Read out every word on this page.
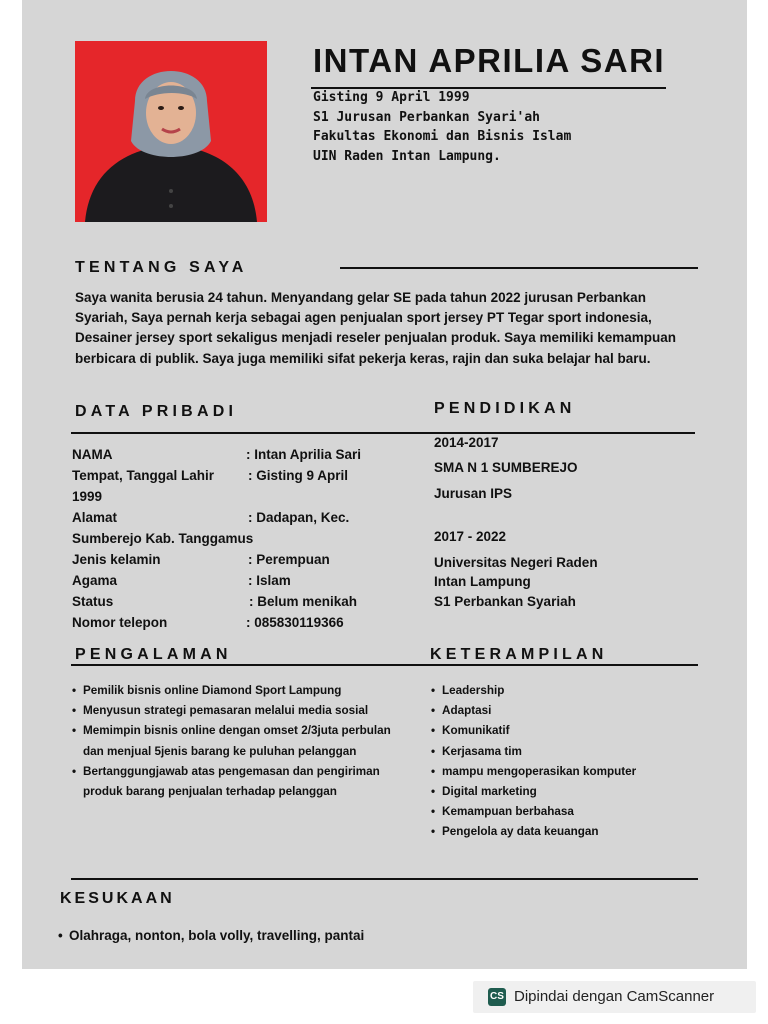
INTAN APRILIA SARI
Gisting 9 April 1999
S1 Jurusan Perbankan Syari'ah
Fakultas Ekonomi dan Bisnis Islam
UIN Raden Intan Lampung.
TENTANG SAYA
Saya wanita berusia 24 tahun. Menyandang gelar SE pada tahun 2022 jurusan Perbankan Syariah, Saya pernah kerja sebagai agen penjualan sport jersey PT Tegar sport indonesia, Desainer jersey sport sekaligus menjadi reseler penjualan produk. Saya memiliki kemampuan berbicara di publik. Saya juga memiliki sifat pekerja keras, rajin dan suka belajar hal baru.
DATA PRIBADI
NAMA	: Intan Aprilia Sari
Tempat, Tanggal Lahir	: Gisting 9 April
1999
Alamat	: Dadapan, Kec.
Sumberejo Kab. Tanggamus
Jenis kelamin	: Perempuan
Agama	: Islam
Status	: Belum menikah
Nomor telepon	: 085830119366
PENDIDIKAN
2014-2017
SMA N 1 SUMBEREJO
Jurusan IPS
2017 - 2022
Universitas Negeri Raden
Intan Lampung
S1 Perbankan Syariah
PENGALAMAN
• Pemilik bisnis online Diamond Sport Lampung
• Menyusun strategi pemasaran melalui media sosial
• Memimpin bisnis online dengan omset 2/3juta perbulan dan menjual 5jenis barang ke puluhan pelanggan
• Bertanggungjawab atas pengemasan dan pengiriman produk barang penjualan terhadap pelanggan
KETERAMPILAN
• Leadership
• Adaptasi
• Komunikatif
• Kerjasama tim
• mampu mengoperasikan komputer
• Digital marketing
• Kemampuan berbahasa
• Pengelola ay data keuangan
KESUKAAN
• Olahraga, nonton, bola volly, travelling, pantai
CS Dipindai dengan CamScanner
